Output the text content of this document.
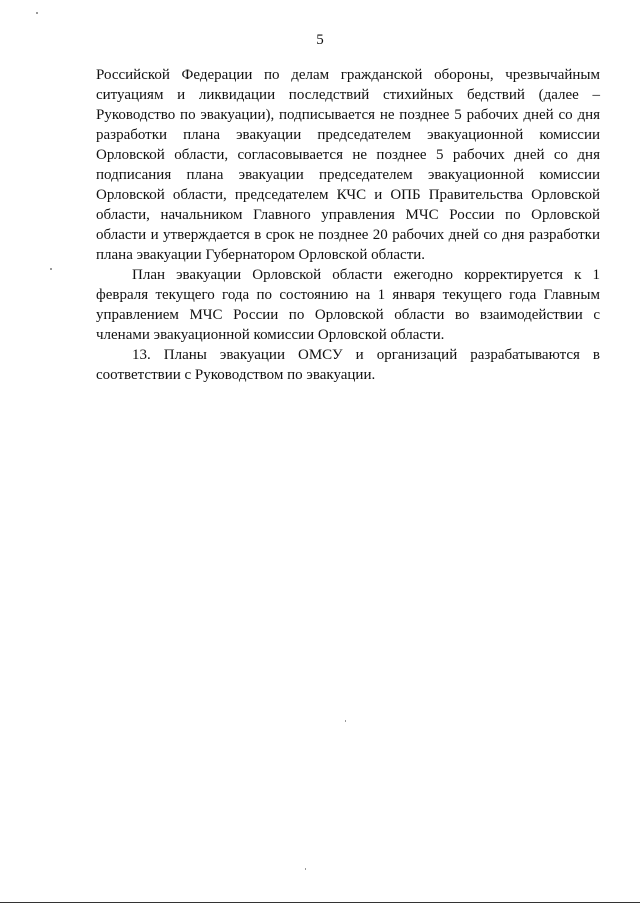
5

Российской Федерации по делам гражданской обороны, чрезвычайным ситуациям и ликвидации последствий стихийных бедствий (далее – Руководство по эвакуации), подписывается не позднее 5 рабочих дней со дня разработки плана эвакуации председателем эвакуационной комиссии Орловской области, согласовывается не позднее 5 рабочих дней со дня подписания плана эвакуации председателем эвакуационной комиссии Орловской области, председателем КЧС и ОПБ Правительства Орловской области, начальником Главного управления МЧС России по Орловской области и утверждается в срок не позднее 20 рабочих дней со дня разработки плана эвакуации Губернатором Орловской области.

План эвакуации Орловской области ежегодно корректируется к 1 февраля текущего года по состоянию на 1 января текущего года Главным управлением МЧС России по Орловской области во взаимодействии с членами эвакуационной комиссии Орловской области.

13. Планы эвакуации ОМСУ и организаций разрабатываются в соответствии с Руководством по эвакуации.
